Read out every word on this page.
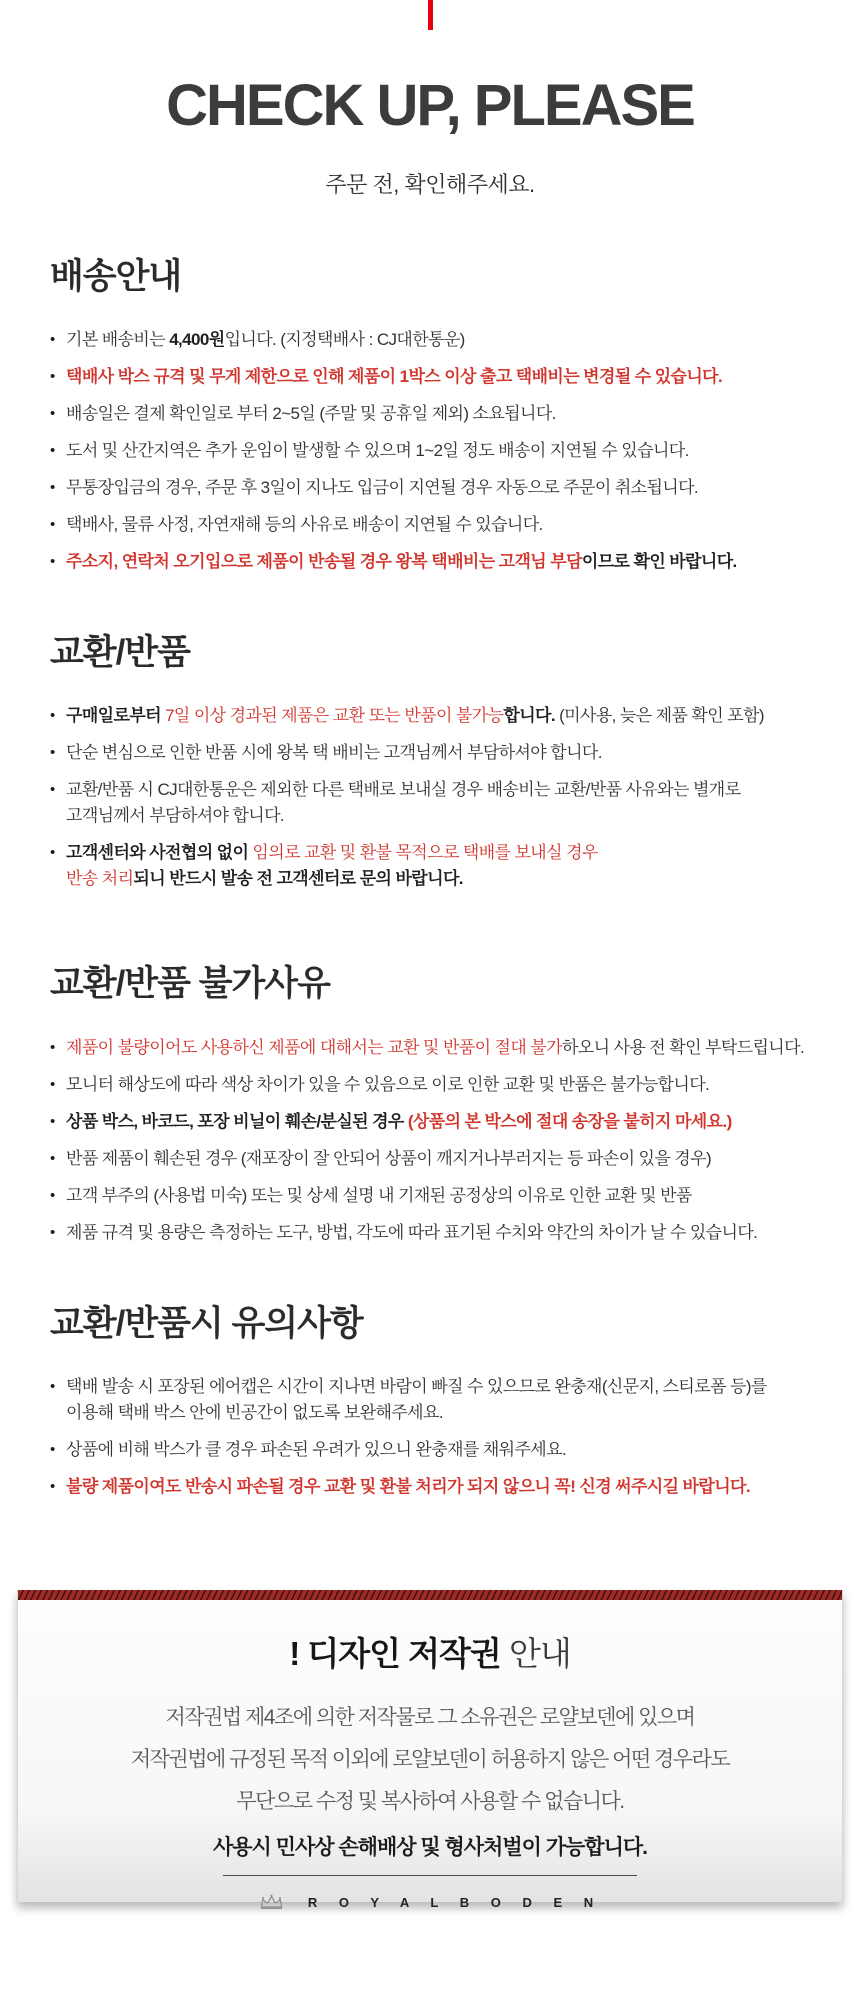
CHECK UP, PLEASE

주문 전, 확인해주세요.

배송안내
• 기본 배송비는 4,400원입니다. (지정택배사 : CJ대한통운)
• 택배사 박스 규격 및 무게 제한으로 인해 제품이 1박스 이상 출고 택배비는 변경될 수 있습니다.
• 배송일은 결제 확인일로 부터 2~5일 (주말 및 공휴일 제외) 소요됩니다.
• 도서 및 산간지역은 추가 운임이 발생할 수 있으며 1~2일 정도 배송이 지연될 수 있습니다.
• 무통장입금의 경우, 주문 후 3일이 지나도 입금이 지연될 경우 자동으로 주문이 취소됩니다.
• 택배사, 물류 사정, 자연재해 등의 사유로 배송이 지연될 수 있습니다.
• 주소지, 연락처 오기입으로 제품이 반송될 경우 왕복 택배비는 고객님 부담이므로 확인 바랍니다.
교환/반품
• 구매일로부터 7일 이상 경과된 제품은 교환 또는 반품이 불가능합니다. (미사용, 늦은 제품 확인 포함)
• 단순 변심으로 인한 반품 시에 왕복 택 배비는 고객님께서 부담하셔야 합니다.
• 교환/반품 시 CJ대한통운은 제외한 다른 택배로 보내실 경우 배송비는 교환/반품 사유와는 별개로
고객님께서 부담하셔야 합니다.
• 고객센터와 사전협의 없이 임의로 교환 및 환불 목적으로 택배를 보내실 경우
반송 처리되니 반드시 발송 전 고객센터로 문의 바랍니다.
교환/반품 불가사유
• 제품이 불량이어도 사용하신 제품에 대해서는 교환 및 반품이 절대 불가하오니 사용 전 확인 부탁드립니다.
• 모니터 해상도에 따라 색상 차이가 있을 수 있음으로 이로 인한 교환 및 반품은 불가능합니다.
• 상품 박스, 바코드, 포장 비닐이 훼손/분실된 경우 (상품의 본 박스에 절대 송장을 붙히지 마세요.)
• 반품 제품이 훼손된 경우 (재포장이 잘 안되어 상품이 깨지거나부러지는 등 파손이 있을 경우)
• 고객 부주의 (사용법 미숙) 또는 및 상세 설명 내 기재된 공정상의 이유로 인한 교환 및 반품
• 제품 규격 및 용량은 측정하는 도구, 방법, 각도에 따라 표기된 수치와 약간의 차이가 날 수 있습니다.
교환/반품시 유의사항
• 택배 발송 시 포장된 에어캡은 시간이 지나면 바람이 빠질 수 있으므로 완충재(신문지, 스티로폼 등)를
이용해 택배 박스 안에 빈공간이 없도록 보완해주세요.
• 상품에 비해 박스가 클 경우 파손된 우려가 있으니 완충재를 채워주세요.
• 불량 제품이여도 반송시 파손될 경우 교환 및 환불 처리가 되지 않으니 꼭! 신경 써주시길 바랍니다.
! 디자인 저작권 안내
저작권법 제4조에 의한 저작물로 그 소유권은 로얄보덴에 있으며
저작권법에 규정된 목적 이외에 로얄보덴이 허용하지 않은 어떤 경우라도
무단으로 수정 및 복사하여 사용할 수 없습니다.
사용시 민사상 손해배상 및 형사처벌이 가능합니다.
R O Y A L B O D E N
